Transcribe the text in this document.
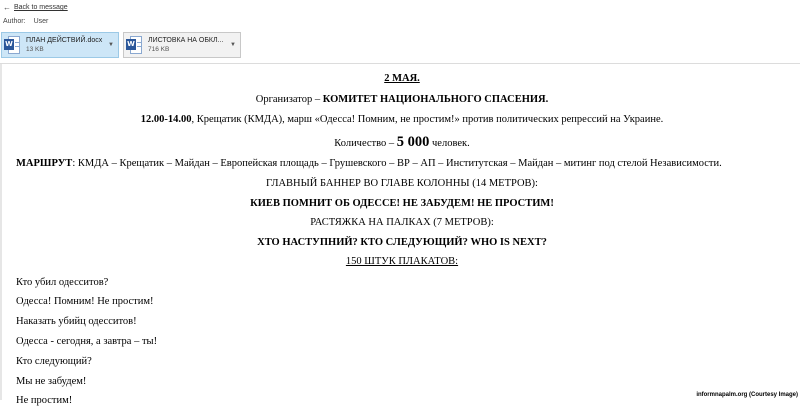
← Back to message
Author: User
W ПЛАН ДЕЙСТВИЙ.docx
13 KB
▼ W ЛИСТОВКА НА ОБКЛ...
716 KB
▼
2 МАЯ.
Организатор – КОМИТЕТ НАЦИОНАЛЬНОГО СПАСЕНИЯ.
12.00-14.00, Крещатик (КМДА), марш «Одесса! Помним, не простим!» против политических репрессий на Украине.
Количество – 5 000 человек.
МАРШРУТ: КМДА – Крещатик – Майдан – Европейская площадь – Грушевского – ВР – АП – Институтская – Майдан – митинг под стелой Независимости.
ГЛАВНЫЙ БАННЕР ВО ГЛАВЕ КОЛОННЫ (14 МЕТРОВ):
КИЕВ ПОМНИТ ОБ ОДЕССЕ! НЕ ЗАБУДЕМ! НЕ ПРОСТИМ!
РАСТЯЖКА НА ПАЛКАХ (7 МЕТРОВ):
ХТО НАСТУПНИЙ? КТО СЛЕДУЮЩИЙ? WHO IS NEXT?
150 ШТУК ПЛАКАТОВ:
Кто убил одесситов?
Одесса! Помним! Не простим!
Наказать убийц одесситов!
Одесса - сегодня, а завтра – ты!
Кто следующий?
Мы не забудем!
Не простим!	informnapalm.org (Courtesy Image)
